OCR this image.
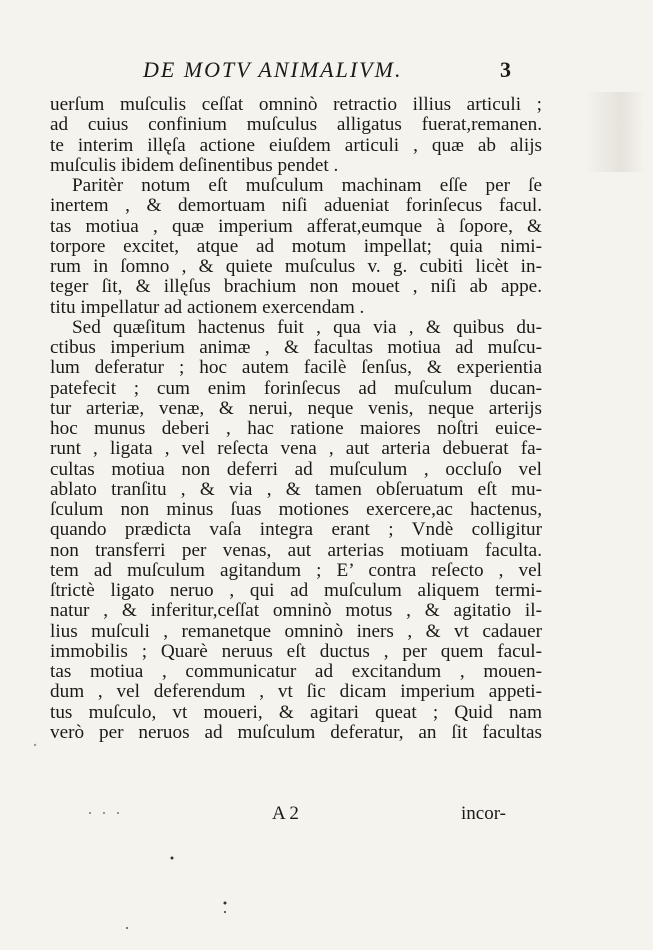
DE MOTV ANIMALIVM.	3
uerſum muſculis ceſſat omninò retractio illius articuli ;
ad cuius confinium muſculus alligatus fuerat,remanen.
te interim illęſa actione eiuſdem articuli , quæ ab alijs
muſculis ibidem deſinentibus pendet .
Paritèr notum eſt muſculum machinam eſſe per ſe
inertem , & demortuam niſi adueniat forinſecus facul.
tas motiua , quæ imperium afferat,eumque à ſopore, &
torpore excitet, atque ad motum impellat; quia nimi-
rum in ſomno , & quiete muſculus v. g. cubiti licèt in-
teger ſit, & illęſus brachium non mouet , niſi ab appe.
titu impellatur ad actionem exercendam .
Sed quæſitum hactenus fuit , qua via , & quibus du-
ctibus imperium animæ , & facultas motiua ad muſcu-
lum deferatur ; hoc autem facilè ſenſus, & experientia
patefecit ; cum enim forinſecus ad muſculum ducan-
tur arteriæ, venæ, & nerui, neque venis, neque arterijs
hoc munus deberi , hac ratione maiores noſtri euice-
runt , ligata , vel reſecta vena , aut arteria debuerat fa-
cultas motiua non deferri ad muſculum , occluſo vel
ablato tranſitu , & via , & tamen obſeruatum eſt mu-
ſculum non minus ſuas motiones exercere,ac hactenus,
quando prædicta vaſa integra erant ; Vndè colligitur
non transferri per venas, aut arterias motiuam faculta.
tem ad muſculum agitandum ; E’ contra reſecto , vel
ſtrictè ligato neruo , qui ad muſculum aliquem termi-
natur , & inferitur,ceſſat omninò motus , & agitatio il-
lius muſculi , remanetque omninò iners , & vt cadauer
immobilis ; Quarè neruus eſt ductus , per quem facul-
tas motiua , communicatur ad excitandum , mouen-
dum , vel deferendum , vt ſic dicam imperium appeti-
tus muſculo, vt moueri, & agitari queat ; Quid nam
verò per neruos ad muſculum deferatur, an ſit facultas
A 2	incor-
